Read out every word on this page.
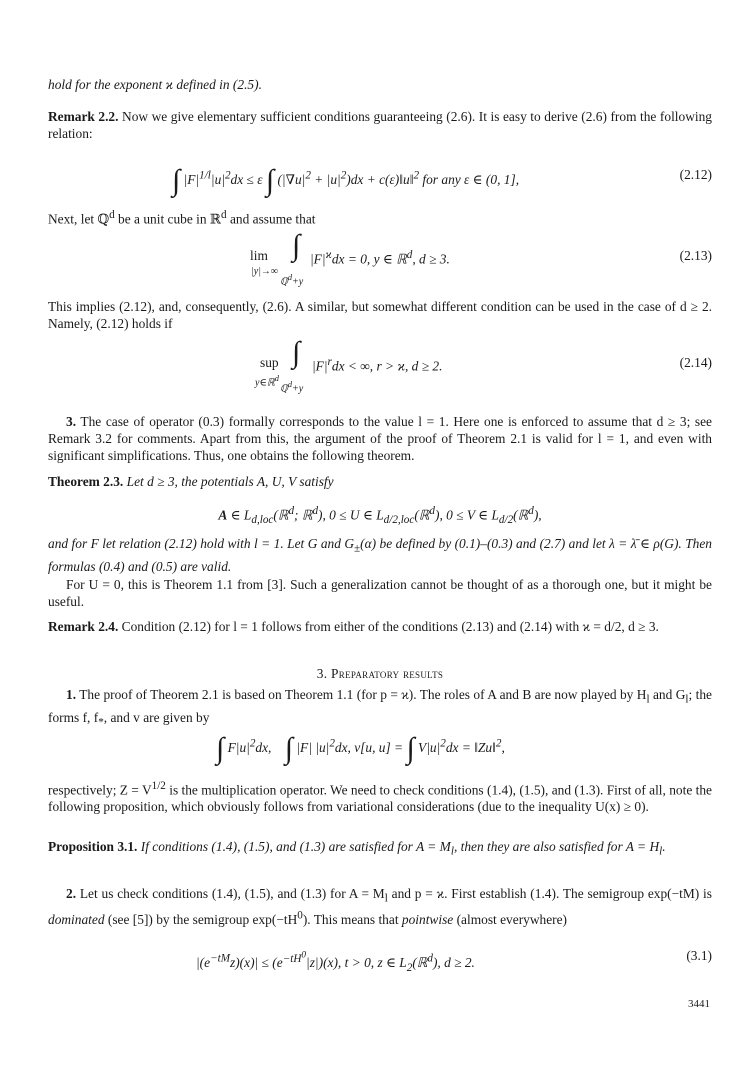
hold for the exponent ϰ defined in (2.5).

Remark 2.2. Now we give elementary sufficient conditions guaranteeing (2.6). It is easy to derive (2.6) from the following relation:

∫ $|F|^{1/l}|u|^2dx \le \varepsilon$ ∫ $(|\nabla u|^2 + |u|^2)dx$ + c(ε)‖u‖$^2$ for any ε ∈ (0, 1],	(2.12)

Next, let ℚ$^d$ be a unit cube in ℝ$^d$ and assume that

lim
|y|→∞
∫
ℚ$^d$+y
$|F|^ϰdx = 0$, y ∈ ℝ$^d$, d ≥ 3.	(2.13)

This implies (2.12), and, consequently, (2.6). A similar, but somewhat different condition can be used in the case of d ≥ 2. Namely, (2.12) holds if

sup
y∈ℝ$^d$
∫
ℚ$^d$+y
$|F|^rdx$ < ∞, r > ϰ, d ≥ 2.	(2.14)

3. The case of operator (0.3) formally corresponds to the value l = 1. Here one is enforced to assume that d ≥ 3; see Remark 3.2 for comments. Apart from this, the argument of the proof of Theorem 2.1 is valid for l = 1, and even with significant simplifications. Thus, one obtains the following theorem.

Theorem 2.3. Let d ≥ 3, the potentials A, U, V satisfy

A ∈ $L_{d,loc}(ℝ^d$; ℝ$^d$), 0 ≤ U ∈ $L_{d/2,loc}(ℝ^d)$, 0 ≤ V ∈ $L_{d/2}(ℝ^d)$,

and for F let relation (2.12) hold with l = 1. Let G and $G_\pm(\alpha)$ be defined by (0.1)–(0.3) and (2.7) and let λ = λ̄ ∈ ρ(G). Then formulas (0.4) and (0.5) are valid.

For U = 0, this is Theorem 1.1 from [3]. Such a generalization cannot be thought of as a thorough one, but it might be useful.

Remark 2.4. Condition (2.12) for l = 1 follows from either of the conditions (2.13) and (2.14) with ϰ = d/2, d ≥ 3.

3. Preparatory results

1. The proof of Theorem 2.1 is based on Theorem 1.1 (for p = ϰ). The roles of A and B are now played by $H_l$ and $G_l$; the forms f, $f_*$, and v are given by

∫ $F|u|^2dx$, ∫ |F| $|u|^2dx$, v[u, u] = ∫ $V|u|^2dx$ = ‖Zu‖$^2$,

respectively; $Z = V^{1/2}$ is the multiplication operator. We need to check conditions (1.4), (1.5), and (1.3). First of all, note the following proposition, which obviously follows from variational considerations (due to the inequality U(x) ≥ 0).

Proposition 3.1. If conditions (1.4), (1.5), and (1.3) are satisfied for $A = M_l$, then they are also satisfied for $A = H_l$.

2. Let us check conditions (1.4), (1.5), and (1.3) for $A = M_l$ and p = ϰ. First establish (1.4). The semigroup exp(−tM) is dominated (see [5]) by the semigroup $\exp(-tH^0)$. This means that pointwise (almost everywhere)

$|(e^{-tM}z)(x)| \le (e^{-tH^0}|z|)(x)$, t > 0, z ∈ $L_2(ℝ^d)$, d ≥ 2.	(3.1)
3441
